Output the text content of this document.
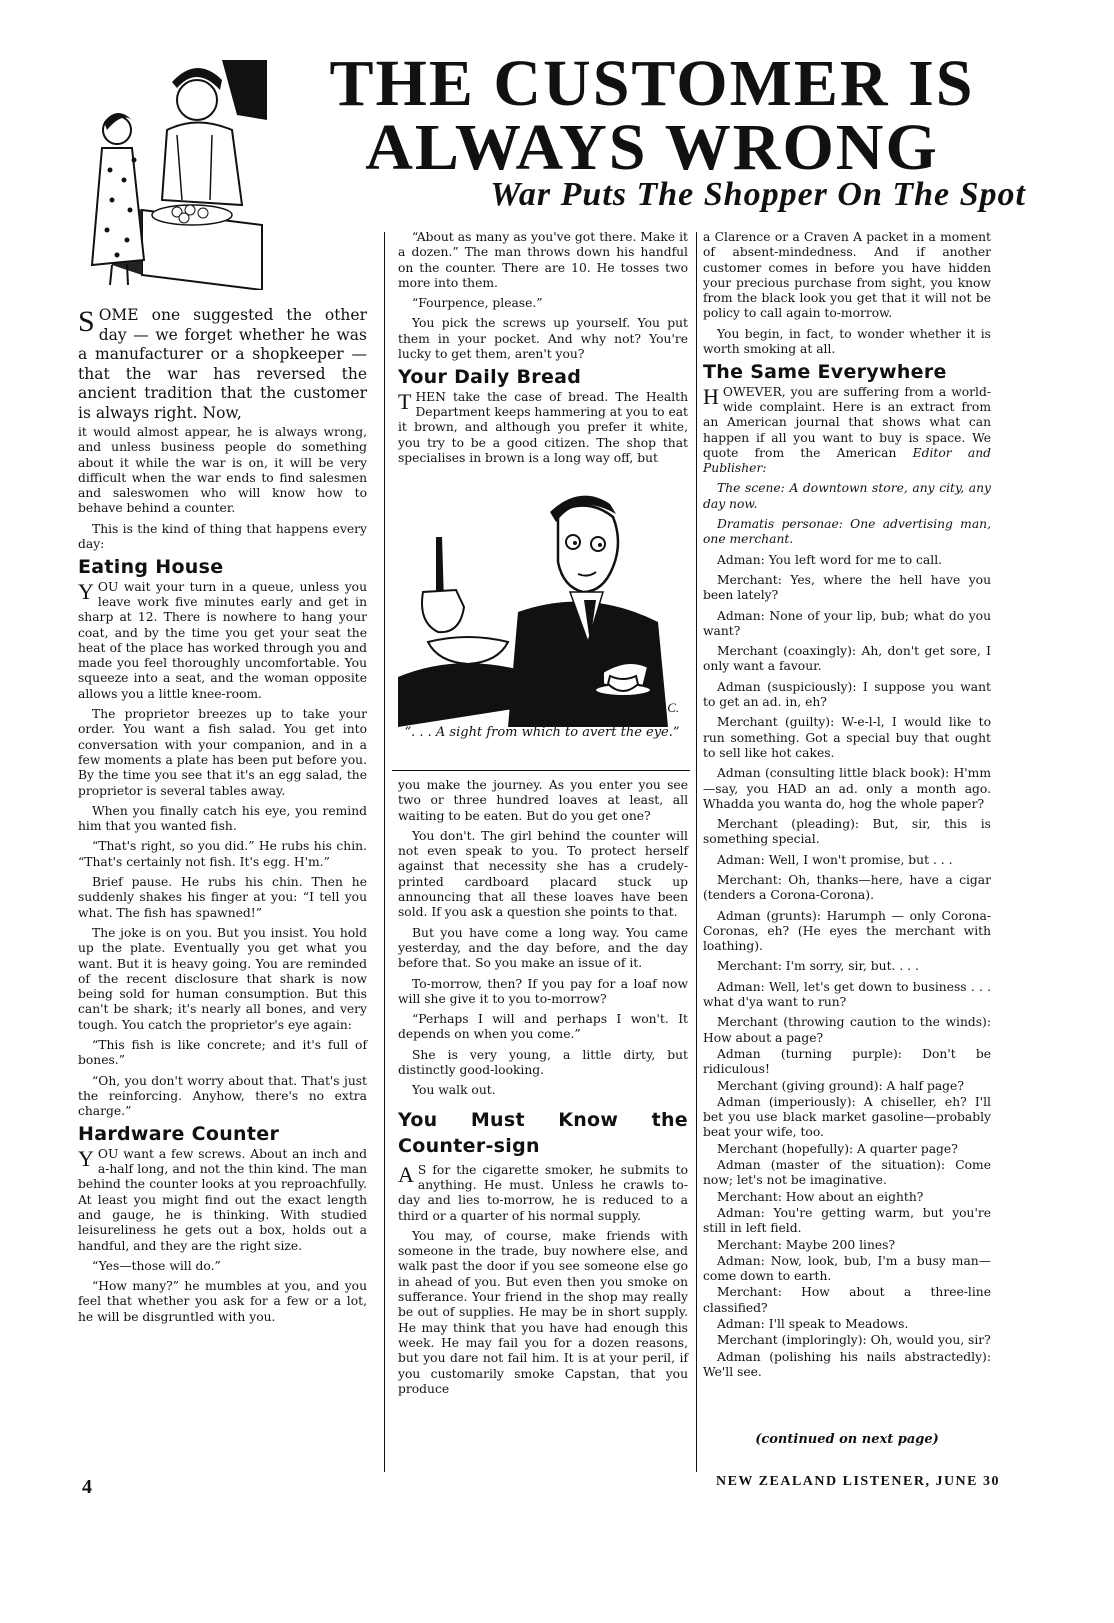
THE CUSTOMER IS
ALWAYS WRONG
War Puts The Shopper On The Spot

SOME one suggested the other day — we forget whether he was a manufacturer or a shopkeeper — that the war has reversed the ancient tradition that the customer is always right. Now,

it would almost appear, he is always wrong, and unless business people do something about it while the war is on, it will be very difficult when the war ends to find salesmen and saleswomen who will know how to behave behind a counter.

This is the kind of thing that happens every day:

Eating House

YOU wait your turn in a queue, unless you leave work five minutes early and get in sharp at 12. There is nowhere to hang your coat, and by the time you get your seat the heat of the place has worked through you and made you feel thoroughly uncomfortable. You squeeze into a seat, and the woman opposite allows you a little knee-room.

The proprietor breezes up to take your order. You want a fish salad. You get into conversation with your companion, and in a few moments a plate has been put before you. By the time you see that it's an egg salad, the proprietor is several tables away.

When you finally catch his eye, you remind him that you wanted fish.

“That's right, so you did.” He rubs his chin. “That's certainly not fish. It's egg. H'm.”

Brief pause. He rubs his chin. Then he suddenly shakes his finger at you: “I tell you what. The fish has spawned!”

The joke is on you. But you insist. You hold up the plate. Eventually you get what you want. But it is heavy going. You are reminded of the recent disclosure that shark is now being sold for human consumption. But this can't be shark; it's nearly all bones, and very tough. You catch the proprietor's eye again:

“This fish is like concrete; and it's full of bones.”

“Oh, you don't worry about that. That's just the reinforcing. Anyhow, there's no extra charge.”

Hardware Counter

YOU want a few screws. About an inch and a-half long, and not the thin kind. The man behind the counter looks at you reproachfully. At least you might find out the exact length and gauge, he is thinking. With studied leisureliness he gets out a box, holds out a handful, and they are the right size.

“Yes—those will do.”

“How many?” he mumbles at you, and you feel that whether you ask for a few or a lot, he will be disgruntled with you.

“About as many as you've got there. Make it a dozen.” The man throws down his handful on the counter. There are 10. He tosses two more into them.

“Fourpence, please.”

You pick the screws up yourself. You put them in your pocket. And why not? You're lucky to get them, aren't you?

Your Daily Bread

THEN take the case of bread. The Health Department keeps hammering at you to eat it brown, and although you prefer it white, you try to be a good citizen. The shop that specialises in brown is a long way off, but

R.C.
“. . . A sight from which to avert the eye.”

you make the journey. As you enter you see two or three hundred loaves at least, all waiting to be eaten. But do you get one?

You don't. The girl behind the counter will not even speak to you. To protect herself against that necessity she has a crudely-printed cardboard placard stuck up announcing that all these loaves have been sold. If you ask a question she points to that.

But you have come a long way. You came yesterday, and the day before, and the day before that. So you make an issue of it.

To-morrow, then? If you pay for a loaf now will she give it to you to-morrow?

“Perhaps I will and perhaps I won't. It depends on when you come.”

She is very young, a little dirty, but distinctly good-looking.

You walk out.

You Must Know the Counter-sign

A S for the cigarette smoker, he submits to anything. He must. Unless he crawls to-day and lies to-morrow, he is reduced to a third or a quarter of his normal supply.

You may, of course, make friends with someone in the trade, buy nowhere else, and walk past the door if you see someone else go in ahead of you. But even then you smoke on sufferance. Your friend in the shop may really be out of supplies. He may be in short supply. He may think that you have had enough this week. He may fail you for a dozen reasons, but you dare not fail him. It is at your peril, if you customarily smoke Capstan, that you produce

a Clarence or a Craven A packet in a moment of absent-mindedness. And if another customer comes in before you have hidden your precious purchase from sight, you know from the black look you get that it will not be policy to call again to-morrow.

You begin, in fact, to wonder whether it is worth smoking at all.

The Same Everywhere

HOWEVER, you are suffering from a world-wide complaint. Here is an extract from an American journal that shows what can happen if all you want to buy is space. We quote from the American Editor and Publisher:

The scene: A downtown store, any city, any day now.

Dramatis personae: One advertising man, one merchant.

Adman: You left word for me to call.

Merchant: Yes, where the hell have you been lately?

Adman: None of your lip, bub; what do you want?

Merchant (coaxingly): Ah, don't get sore, I only want a favour.

Adman (suspiciously): I suppose you want to get an ad. in, eh?

Merchant (guilty): W-e-l-l, I would like to run something. Got a special buy that ought to sell like hot cakes.

Adman (consulting little black book): H'mm—say, you HAD an ad. only a month ago. Whadda you wanta do, hog the whole paper?

Merchant (pleading): But, sir, this is something special.

Adman: Well, I won't promise, but . . .

Merchant: Oh, thanks—here, have a cigar (tenders a Corona-Corona).

Adman (grunts): Harumph — only Corona-Coronas, eh? (He eyes the merchant with loathing).

Merchant: I'm sorry, sir, but. . . .

Adman: Well, let's get down to business . . . what d'ya want to run?

Merchant (throwing caution to the winds): How about a page?

Adman (turning purple): Don't be ridiculous!

Merchant (giving ground): A half page?

Adman (imperiously): A chiseller, eh? I'll bet you use black market gasoline—probably beat your wife, too.

Merchant (hopefully): A quarter page?

Adman (master of the situation): Come now; let's not be imaginative.

Merchant: How about an eighth?

Adman: You're getting warm, but you're still in left field.

Merchant: Maybe 200 lines?

Adman: Now, look, bub, I'm a busy man—come down to earth.

Merchant: How about a three-line classified?

Adman: I'll speak to Meadows.

Merchant (imploringly): Oh, would you, sir?

Adman (polishing his nails abstractedly): We'll see.

(continued on next page)
4	NEW ZEALAND LISTENER, JUNE 30
